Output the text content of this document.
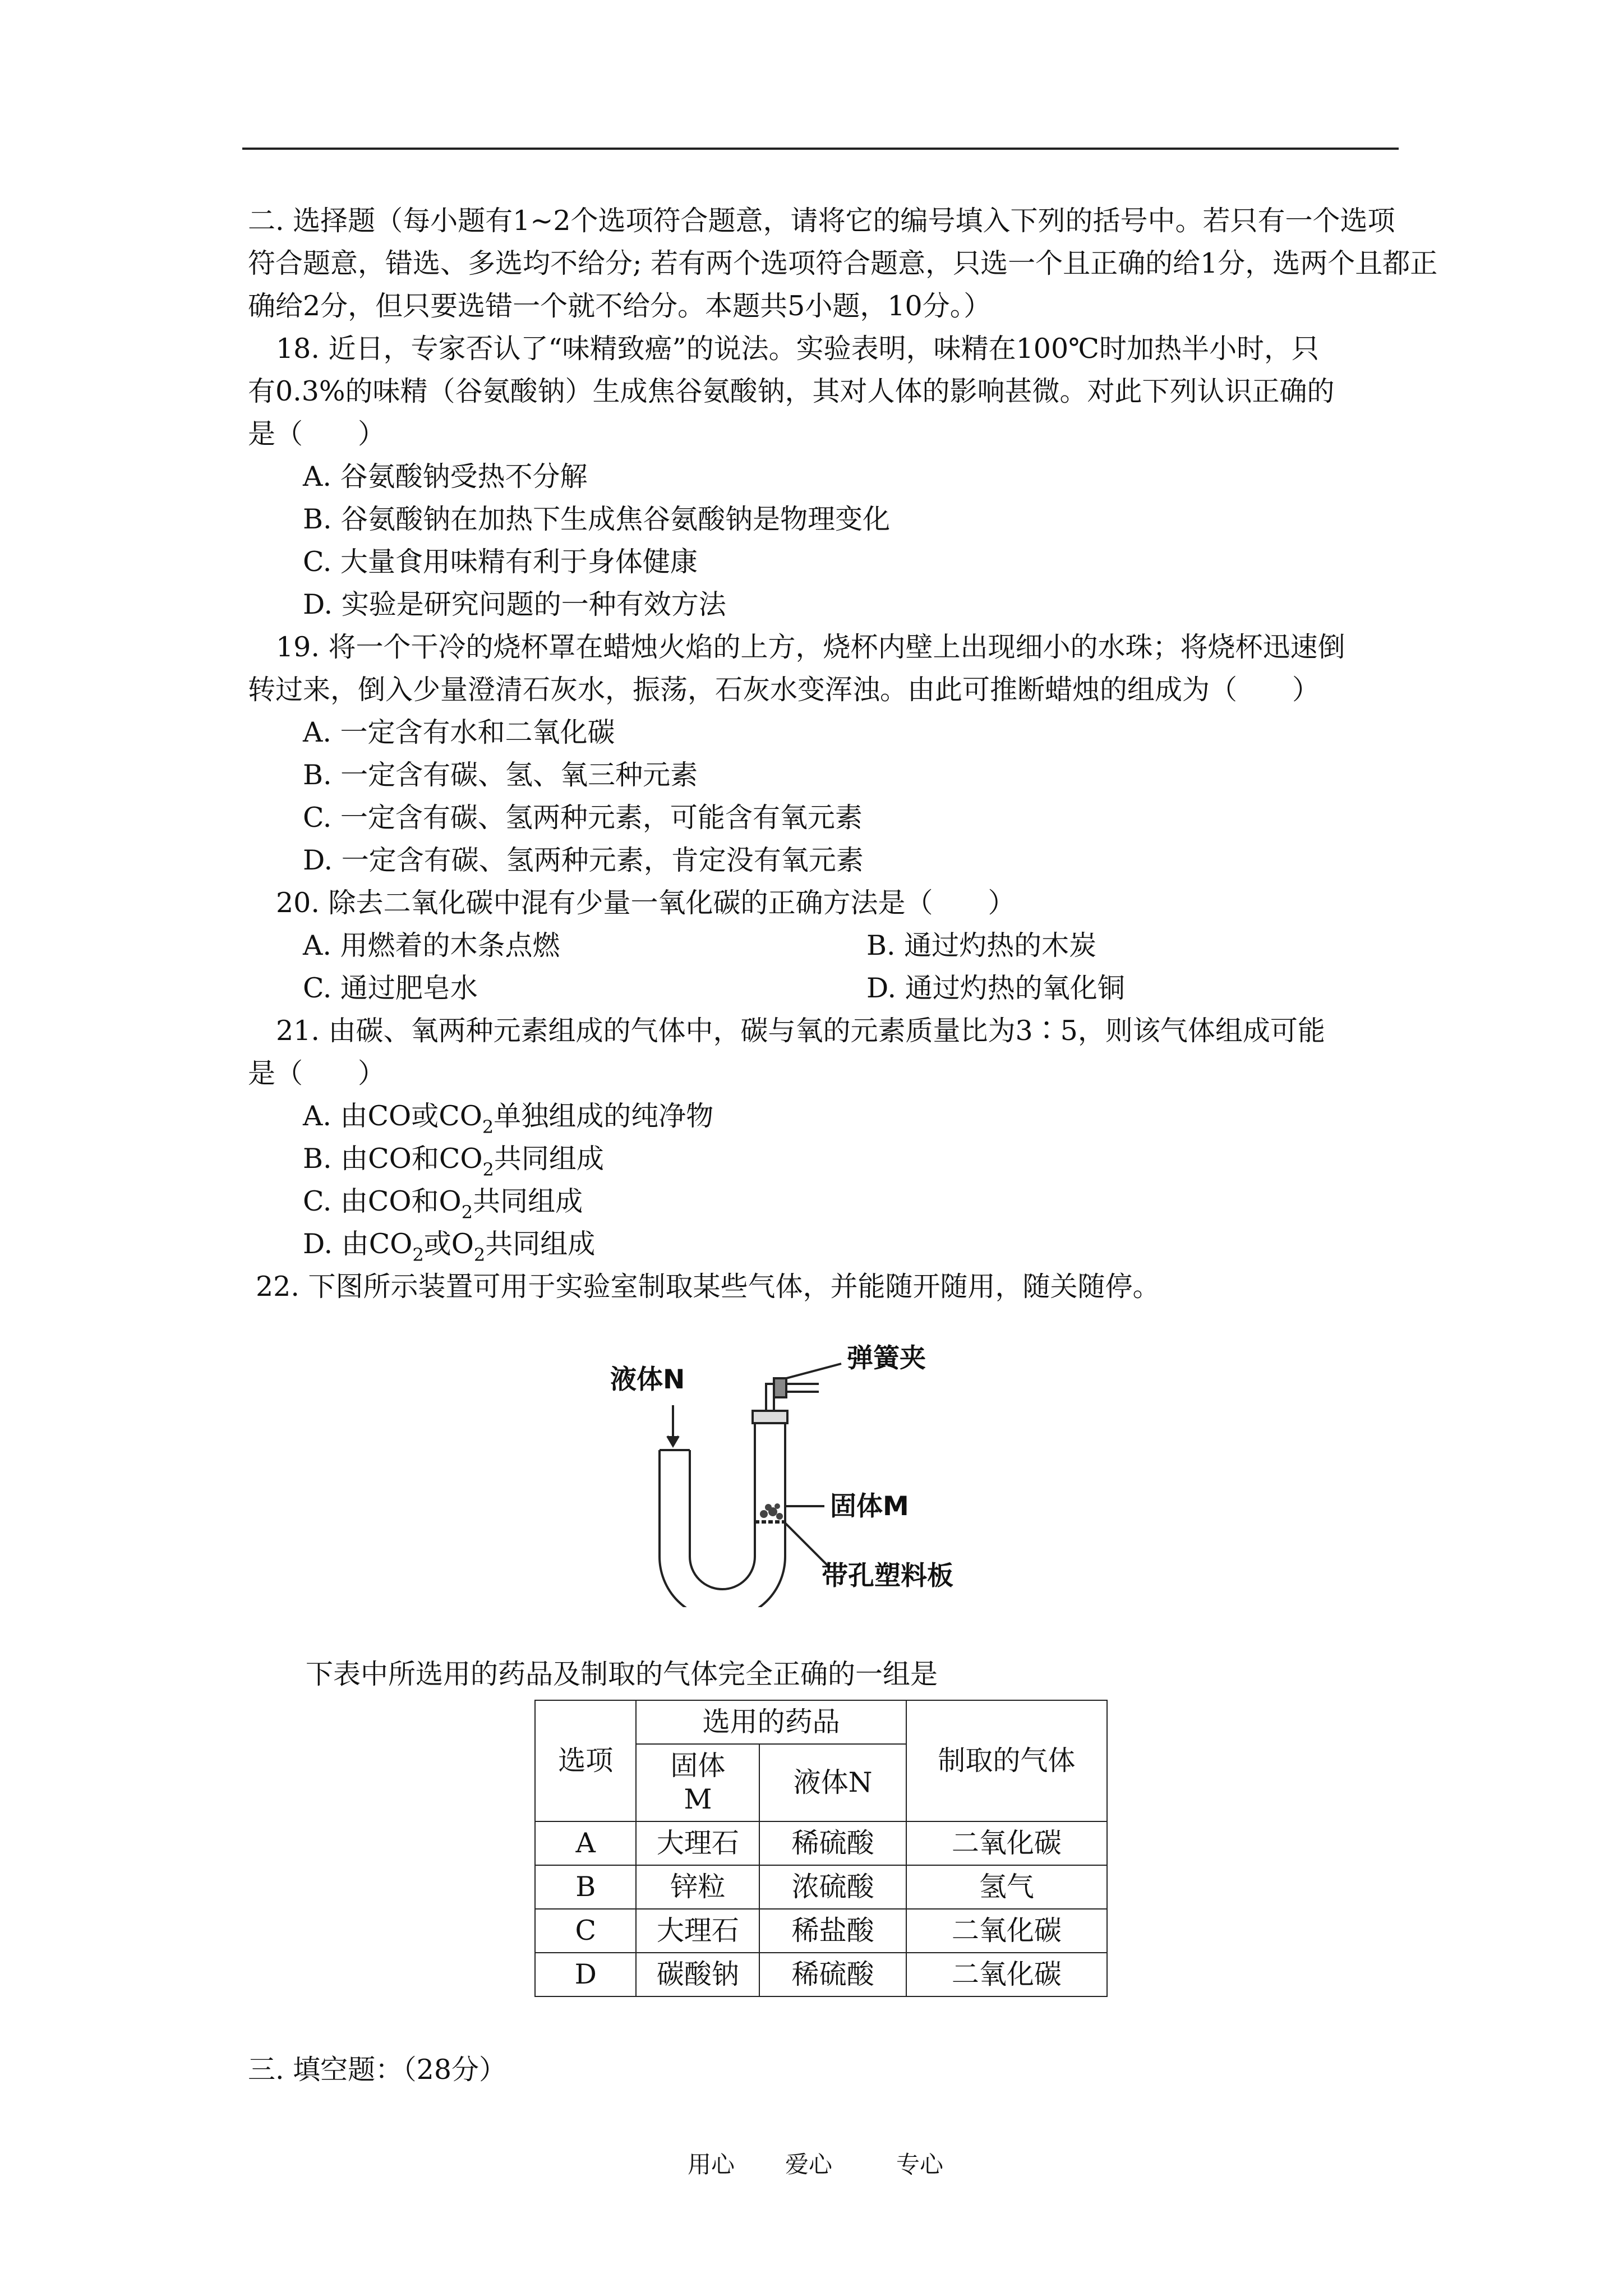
二. 选择题（每小题有1~2个选项符合题意，请将它的编号填入下列的括号中。若只有一个选项
符合题意，错选、多选均不给分; 若有两个选项符合题意，只选一个且正确的给1分，选两个且都正
确给2分，但只要选错一个就不给分。本题共5小题，10分。）
18. 近日，专家否认了“味精致癌”的说法。实验表明，味精在100℃时加热半小时，只
有0.3%的味精（谷氨酸钠）生成焦谷氨酸钠，其对人体的影响甚微。对此下列认识正确的
是（　　）
A. 谷氨酸钠受热不分解
B. 谷氨酸钠在加热下生成焦谷氨酸钠是物理变化
C. 大量食用味精有利于身体健康
D. 实验是研究问题的一种有效方法
19. 将一个干冷的烧杯罩在蜡烛火焰的上方，烧杯内壁上出现细小的水珠；将烧杯迅速倒
转过来，倒入少量澄清石灰水，振荡，石灰水变浑浊。由此可推断蜡烛的组成为（　　）
A. 一定含有水和二氧化碳
B. 一定含有碳、氢、氧三种元素
C. 一定含有碳、氢两种元素，可能含有氧元素
D. 一定含有碳、氢两种元素，肯定没有氧元素
20. 除去二氧化碳中混有少量一氧化碳的正确方法是（　　）
A. 用燃着的木条点燃	B. 通过灼热的木炭
C. 通过肥皂水	D. 通过灼热的氧化铜
21. 由碳、氧两种元素组成的气体中，碳与氧的元素质量比为3∶5，则该气体组成可能
是（　　）
A. 由CO或$CO_2$单独组成的纯净物
B. 由CO和$CO_2$共同组成
C. 由CO和$O_2$共同组成
D. 由$CO_2$或$O_2$共同组成
22. 下图所示装置可用于实验室制取某些气体，并能随开随用，随关随停。
液体N
弹簧夹
固体M
带孔塑料板
下表中所选用的药品及制取的气体完全正确的一组是
选项	选用的药品		制取的气体
	固体
M	液体N	
A	大理石	稀硫酸	二氧化碳
B	锌粒	浓硫酸	氢气
C	大理石	稀盐酸	二氧化碳
D	碳酸钠	稀硫酸	二氧化碳
三. 填空题：（28分）
用心 爱心	专心
